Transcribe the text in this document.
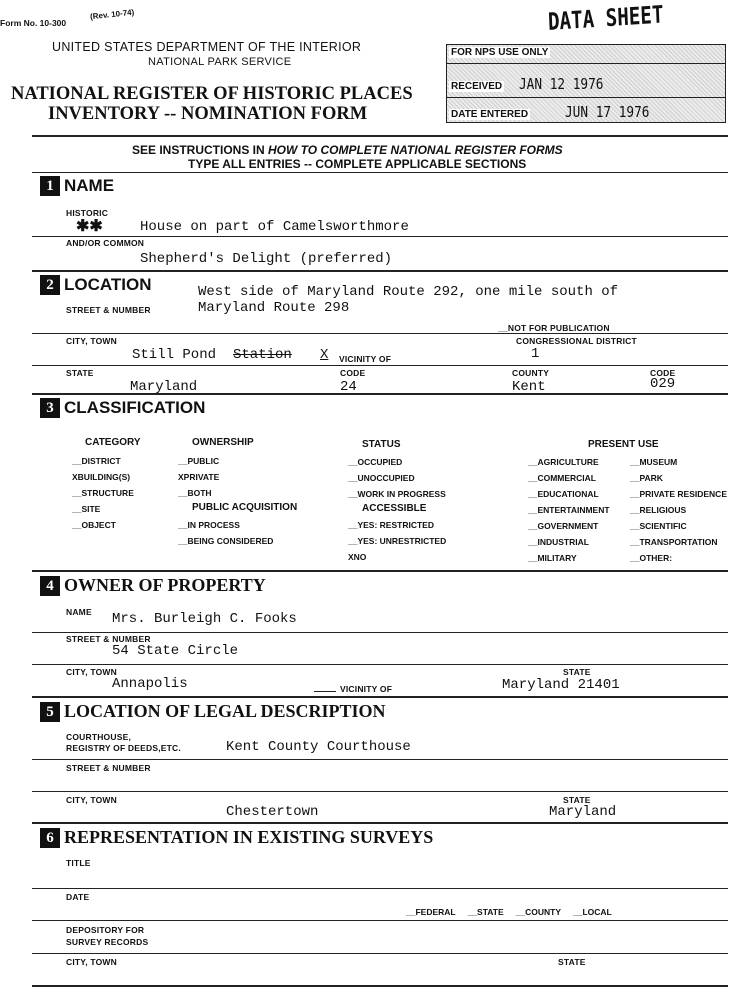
Form No. 10-300
(Rev. 10-74)	DATA SHEET
UNITED STATES DEPARTMENT OF THE INTERIOR
NATIONAL PARK SERVICE
NATIONAL REGISTER OF HISTORIC PLACES
INVENTORY -- NOMINATION FORM
FOR NPS USE ONLY
RECEIVED JAN 12 1976
DATE ENTERED JUN 17 1976
SEE INSTRUCTIONS IN HOW TO COMPLETE NATIONAL REGISTER FORMS
TYPE ALL ENTRIES -- COMPLETE APPLICABLE SECTIONS
1 NAME
HISTORIC
✱✱	House on part of Camelsworthmore
AND/OR COMMON
Shepherd's Delight (preferred)
2 LOCATION	West side of Maryland Route 292, one mile south of
STREET & NUMBER	Maryland Route 298
__NOT FOR PUBLICATION
CITY, TOWN	CONGRESSIONAL DISTRICT
Still Pond Station X VICINITY OF	1
STATE	CODE	COUNTY	CODE
Maryland	24	Kent	029
3 CLASSIFICATION
CATEGORY
__DISTRICT
XBUILDING(S)
__STRUCTURE
__SITE
__OBJECT
OWNERSHIP
__PUBLIC
XPRIVATE
__BOTH
PUBLIC ACQUISITION
__IN PROCESS
__BEING CONSIDERED
STATUS
__OCCUPIED
__UNOCCUPIED
__WORK IN PROGRESS
ACCESSIBLE
__YES: RESTRICTED
__YES: UNRESTRICTED
XNO
PRESENT USE
__AGRICULTURE
__COMMERCIAL
__EDUCATIONAL
__ENTERTAINMENT
__GOVERNMENT
__INDUSTRIAL
__MILITARY
__MUSEUM
__PARK
__PRIVATE RESIDENCE
__RELIGIOUS
__SCIENTIFIC
__TRANSPORTATION
__OTHER:
4 OWNER OF PROPERTY
NAME Mrs. Burleigh C. Fooks
STREET & NUMBER
54 State Circle
CITY, TOWN	STATE
Annapolis	VICINITY OF	Maryland 21401
5 LOCATION OF LEGAL DESCRIPTION
COURTHOUSE,
REGISTRY OF DEEDS,ETC.	Kent County Courthouse
STREET & NUMBER
CITY, TOWN	STATE
Chestertown	Maryland
6 REPRESENTATION IN EXISTING SURVEYS
TITLE
DATE
__FEDERAL __STATE __COUNTY __LOCAL
DEPOSITORY FOR
SURVEY RECORDS
CITY, TOWN	STATE
